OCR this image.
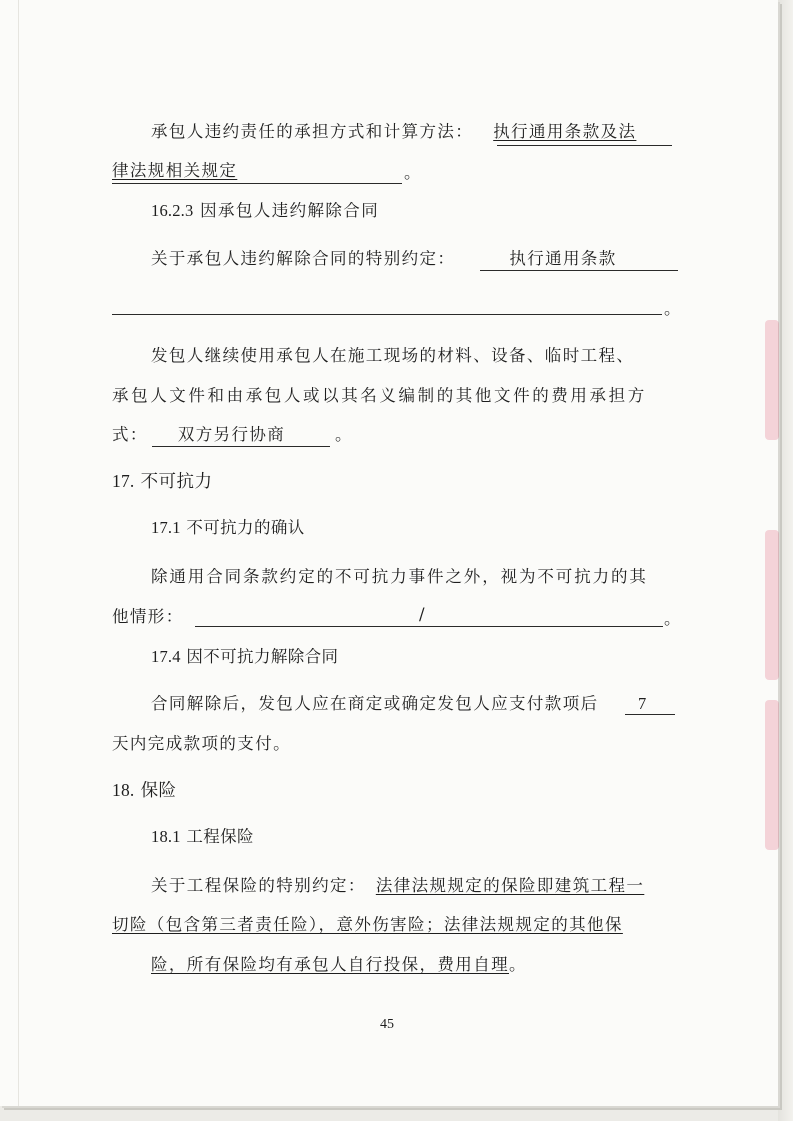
承包人违约责任的承担方式和计算方法： 执行通用条款及法
律法规相关规定	。
16.2.3 因承包人违约解除合同
关于承包人违约解除合同的特别约定：	执行通用条款
。
发包人继续使用承包人在施工现场的材料、设备、临时工程、
承包人文件和由承包人或以其名义编制的其他文件的费用承担方
式： 双方另行协商	。
17. 不可抗力
17.1 不可抗力的确认
除通用合同条款约定的不可抗力事件之外，视为不可抗力的其
他情形：	/	。
17.4 因不可抗力解除合同
合同解除后，发包人应在商定或确定发包人应支付款项后 7
天内完成款项的支付。
18. 保险
18.1 工程保险
关于工程保险的特别约定： 法律法规规定的保险即建筑工程一
切险（包含第三者责任险），意外伤害险；法律法规规定的其他保
险，所有保险均有承包人自行投保，费用自理。
45
